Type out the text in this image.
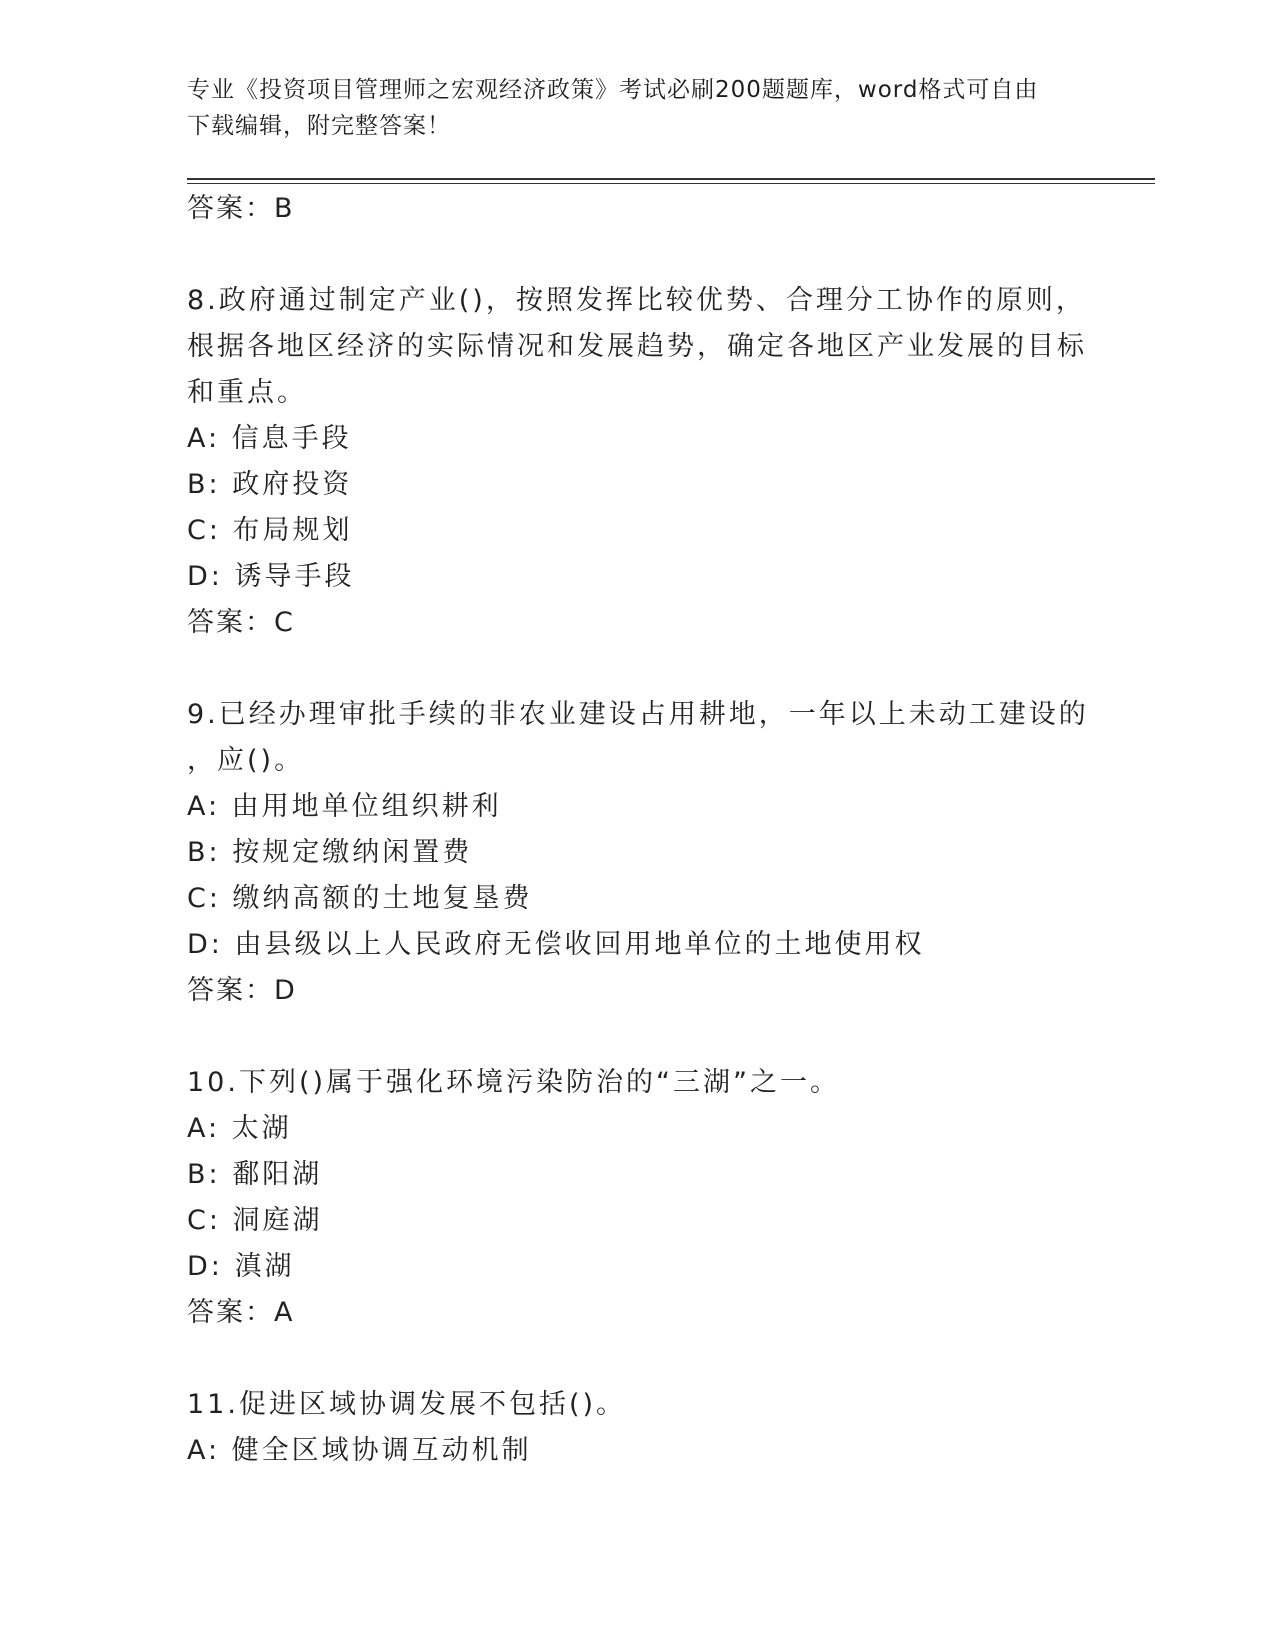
专业《投资项目管理师之宏观经济政策》考试必刷200题题库，word格式可自由
下载编辑，附完整答案！
答案：B
8.政府通过制定产业()，按照发挥比较优势、合理分工协作的原则，
根据各地区经济的实际情况和发展趋势，确定各地区产业发展的目标
和重点。
A: 信息手段
B: 政府投资
C: 布局规划
D: 诱导手段
答案：C
9.已经办理审批手续的非农业建设占用耕地，一年以上未动工建设的
，应()。
A: 由用地单位组织耕利
B: 按规定缴纳闲置费
C: 缴纳高额的土地复垦费
D: 由县级以上人民政府无偿收回用地单位的土地使用权
答案：D
10.下列()属于强化环境污染防治的“三湖”之一。
A: 太湖
B: 鄱阳湖
C: 洞庭湖
D: 滇湖
答案：A
11.促进区域协调发展不包括()。
A: 健全区域协调互动机制
